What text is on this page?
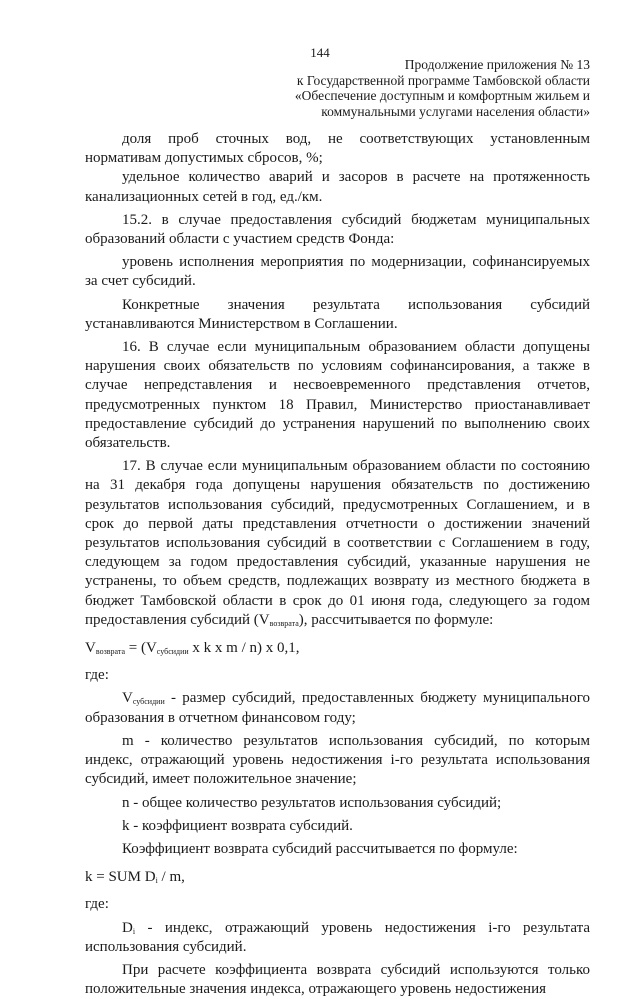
144
Продолжение приложения № 13
к Государственной программе Тамбовской области
«Обеспечение доступным и комфортным жильем и
коммунальными услугами населения области»

доля проб сточных вод, не соответствующих установленным нормативам допустимых сбросов, %;

удельное количество аварий и засоров в расчете на протяженность канализационных сетей в год, ед./км.

15.2. в случае предоставления субсидий бюджетам муниципальных образований области с участием средств Фонда:

уровень исполнения мероприятия по модернизации, софинансируемых за счет субсидий.

Конкретные значения результата использования субсидий устанавливаются Министерством в Соглашении.

16. В случае если муниципальным образованием области допущены нарушения своих обязательств по условиям софинансирования, а также в случае непредставления и несвоевременного представления отчетов, предусмотренных пунктом 18 Правил, Министерство приостанавливает предоставление субсидий до устранения нарушений по выполнению своих обязательств.

17. В случае если муниципальным образованием области по состоянию на 31 декабря года допущены нарушения обязательств по достижению результатов использования субсидий, предусмотренных Соглашением, и в срок до первой даты представления отчетности о достижении значений результатов использования субсидий в соответствии с Соглашением в году, следующем за годом предоставления субсидий, указанные нарушения не устранены, то объем средств, подлежащих возврату из местного бюджета в бюджет Тамбовской области в срок до 01 июня года, следующего за годом предоставления субсидий $(V_{возврата})$, рассчитывается по формуле:

$V_{возврата} = (V_{субсидии}$ x k x m / n) x 0,1,

где:

$V_{субсидии}$ - размер субсидий, предоставленных бюджету муниципального образования в отчетном финансовом году;

m - количество результатов использования субсидий, по которым индекс, отражающий уровень недостижения i-го результата использования субсидий, имеет положительное значение;

n - общее количество результатов использования субсидий;

k - коэффициент возврата субсидий.

Коэффициент возврата субсидий рассчитывается по формуле:

k = SUM $D_i$ / m,

где:

$D_i$ - индекс, отражающий уровень недостижения i-го результата использования субсидий.

При расчете коэффициента возврата субсидий используются только положительные значения индекса, отражающего уровень недостижения
